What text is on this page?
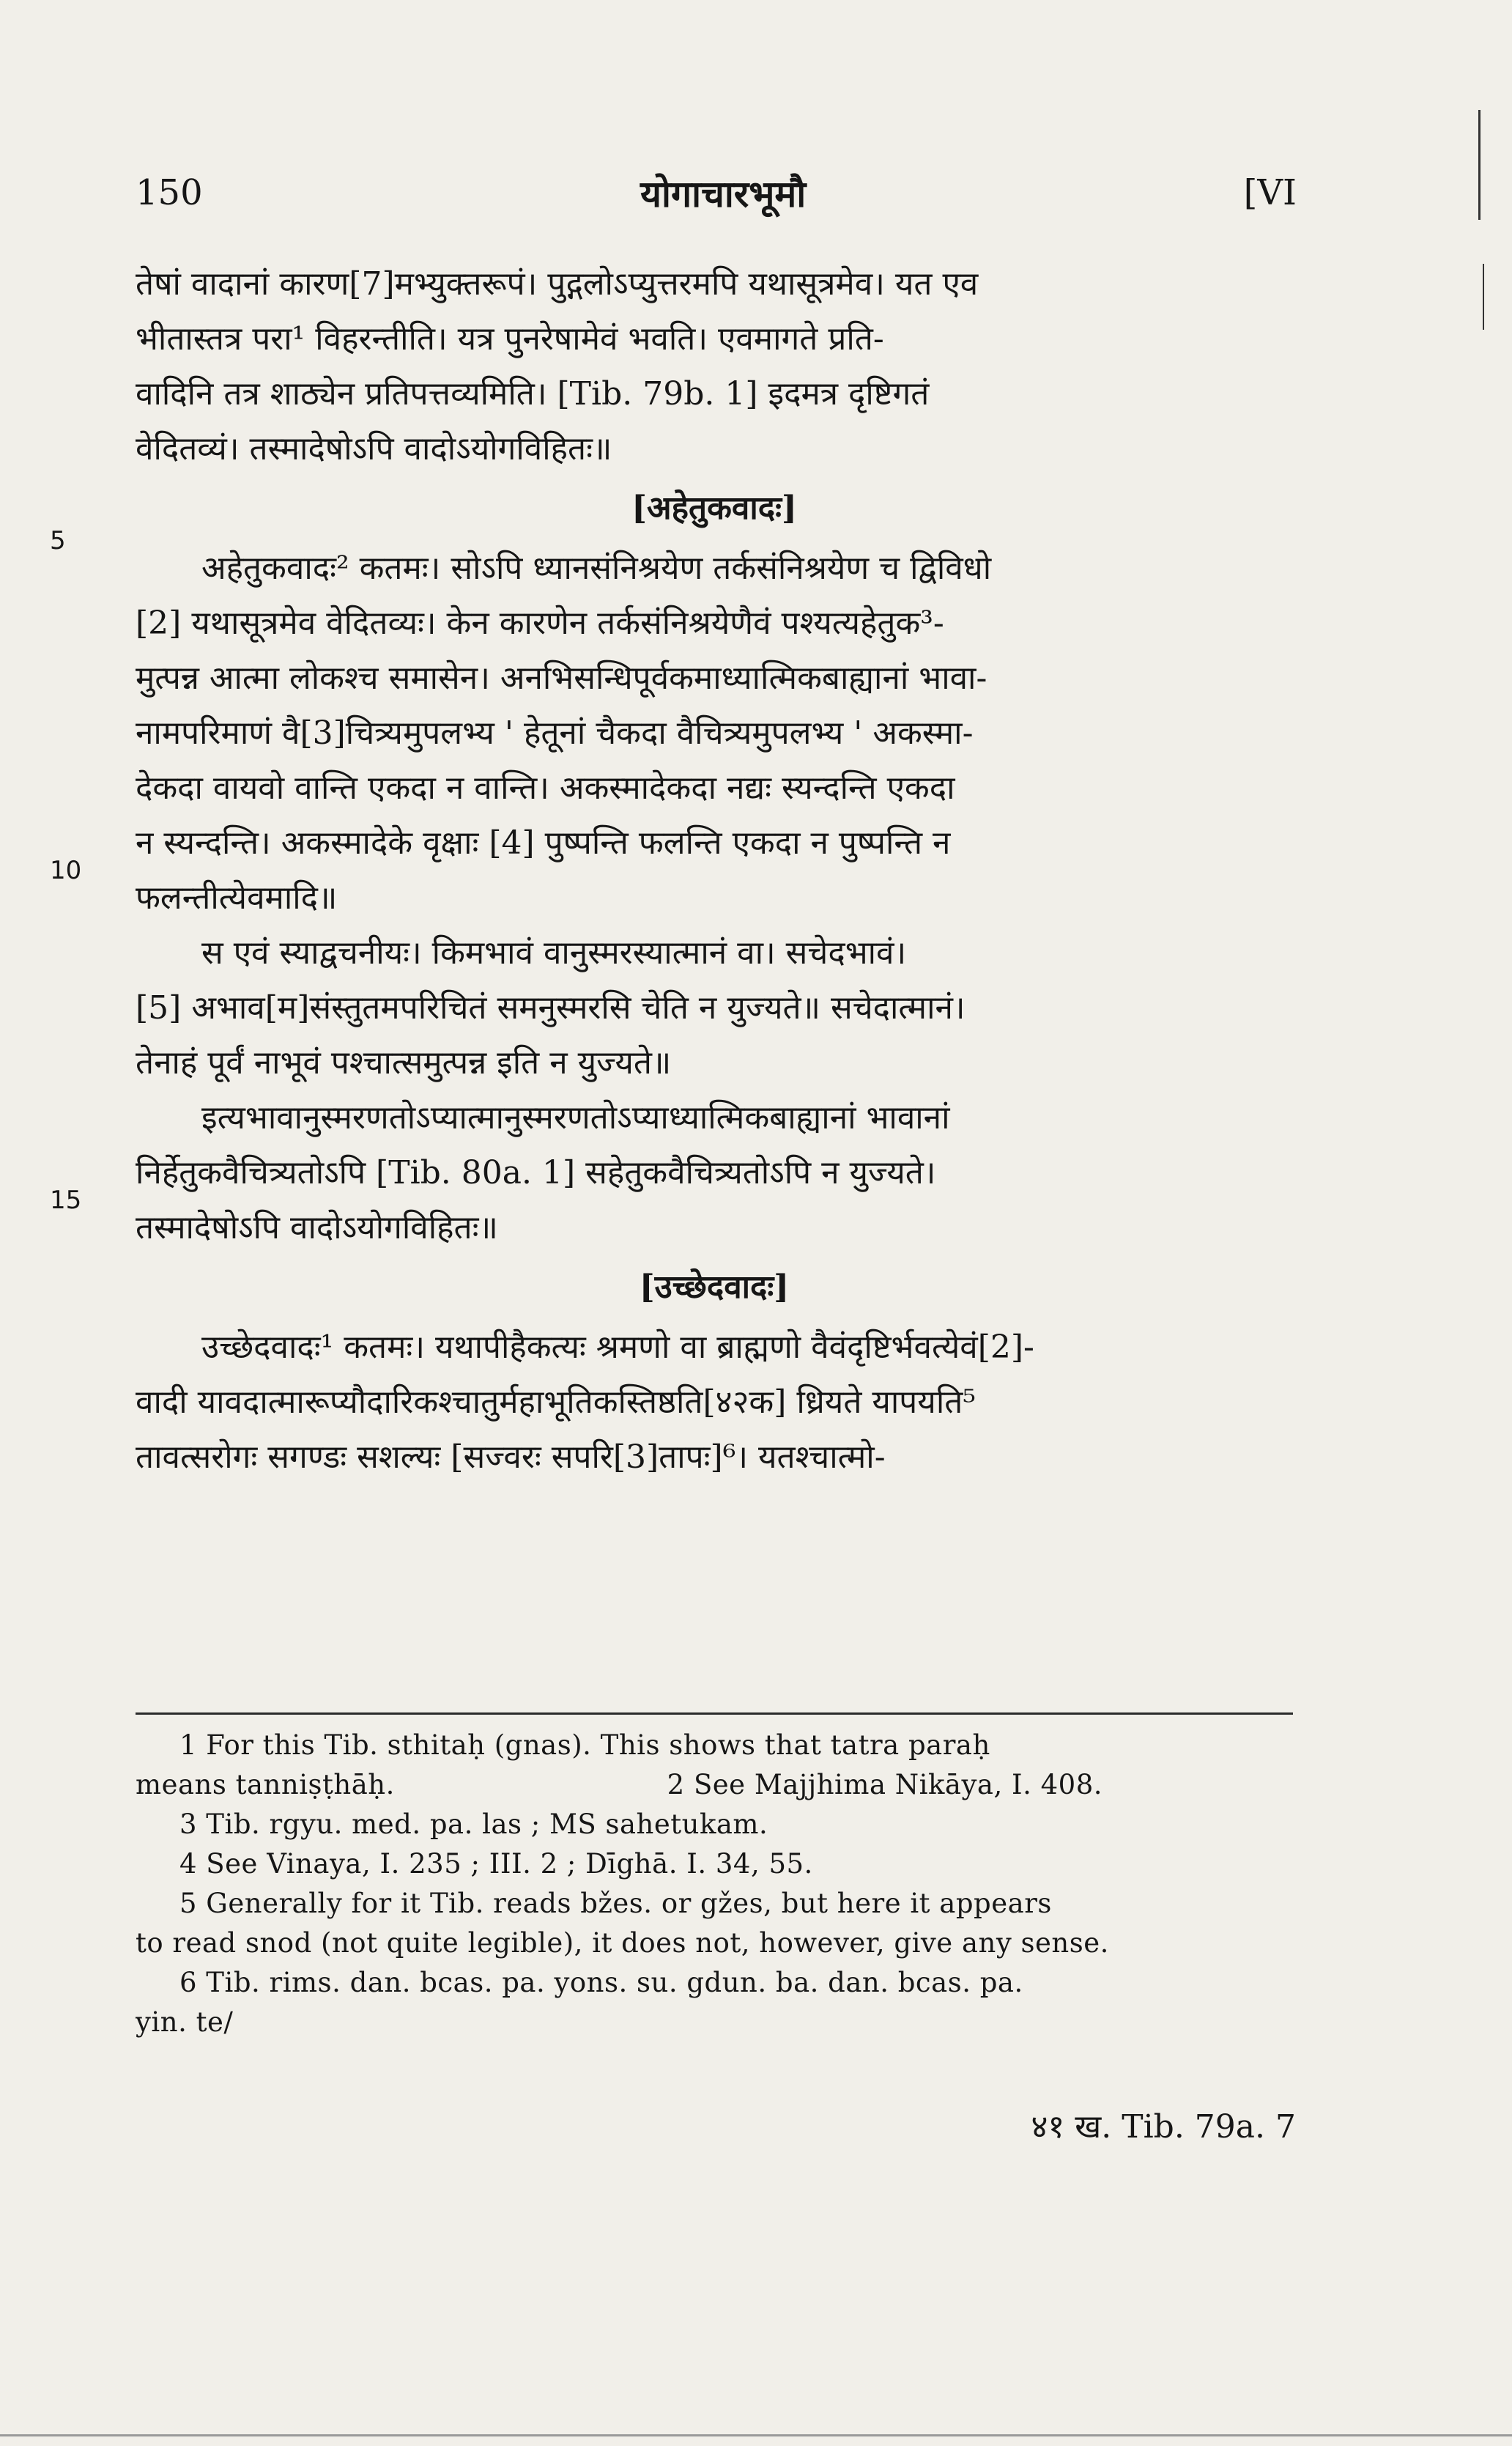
150	योगाचारभूमौ	[VI
5
10
15
तेषां वादानां कारण[7]मभ्युक्तरूपं। पुद्गलोऽप्युत्तरमपि यथासूत्रमेव। यत एव
भीतास्तत्र परा¹ विहरन्तीति। यत्र पुनरेषामेवं भवति। एवमागते प्रति-
वादिनि तत्र शाठ्येन प्रतिपत्तव्यमिति। [Tib. 79b. 1] इदमत्र दृष्टिगतं
वेदितव्यं। तस्मादेषोऽपि वादोऽयोगविहितः॥
[अहेतुकवादः]
अहेतुकवादः² कतमः। सोऽपि ध्यानसंनिश्रयेण तर्कसंनिश्रयेण च द्विविधो
[2] यथासूत्रमेव वेदितव्यः। केन कारणेन तर्कसंनिश्रयेणैवं पश्यत्यहेतुक³-
मुत्पन्न आत्मा लोकश्च समासेन। अनभिसन्धिपूर्वकमाध्यात्मिकबाह्यानां भावा-
नामपरिमाणं वै[3]चित्र्यमुपलभ्य ' हेतूनां चैकदा वैचित्र्यमुपलभ्य ' अकस्मा-
देकदा वायवो वान्ति एकदा न वान्ति। अकस्मादेकदा नद्यः स्यन्दन्ति एकदा
न स्यन्दन्ति। अकस्मादेके वृक्षाः [4] पुष्पन्ति फलन्ति एकदा न पुष्पन्ति न
फलन्तीत्येवमादि॥
स एवं स्याद्वचनीयः। किमभावं वानुस्मरस्यात्मानं वा। सचेदभावं।
[5] अभाव[म]संस्तुतमपरिचितं समनुस्मरसि चेति न युज्यते॥ सचेदात्मानं।
तेनाहं पूर्वं नाभूवं पश्चात्समुत्पन्न इति न युज्यते॥
इत्यभावानुस्मरणतोऽप्यात्मानुस्मरणतोऽप्याध्यात्मिकबाह्यानां भावानां
निर्हेतुकवैचित्र्यतोऽपि [Tib. 80a. 1] सहेतुकवैचित्र्यतोऽपि न युज्यते।
तस्मादेषोऽपि वादोऽयोगविहितः॥
[उच्छेदवादः]
उच्छेदवादः¹ कतमः। यथापीहैकत्यः श्रमणो वा ब्राह्मणो वैवंदृष्टिर्भवत्येवं[2]-
वादी यावदात्मारूप्यौदारिकश्चातुर्महाभूतिकस्तिष्ठति[४२क] ध्रियते यापयति⁵
तावत्सरोगः सगण्डः सशल्यः [सज्वरः सपरि[3]तापः]⁶। यतश्चात्मो-
1 For this Tib. sthitaḥ (gnas). This shows that tatra paraḥ
means tanniṣṭhāḥ.	2 See Majjhima Nikāya, I. 408.
3 Tib. rgyu. med. pa. las ; MS sahetukam.
4 See Vinaya, I. 235 ; III. 2 ; Dīghā. I. 34, 55.
5 Generally for it Tib. reads bžes. or gžes, but here it appears
to read snod (not quite legible), it does not, however, give any sense.
6 Tib. rims. dan. bcas. pa. yons. su. gdun. ba. dan. bcas. pa.
yin. te/
४१ ख. Tib. 79a. 7
